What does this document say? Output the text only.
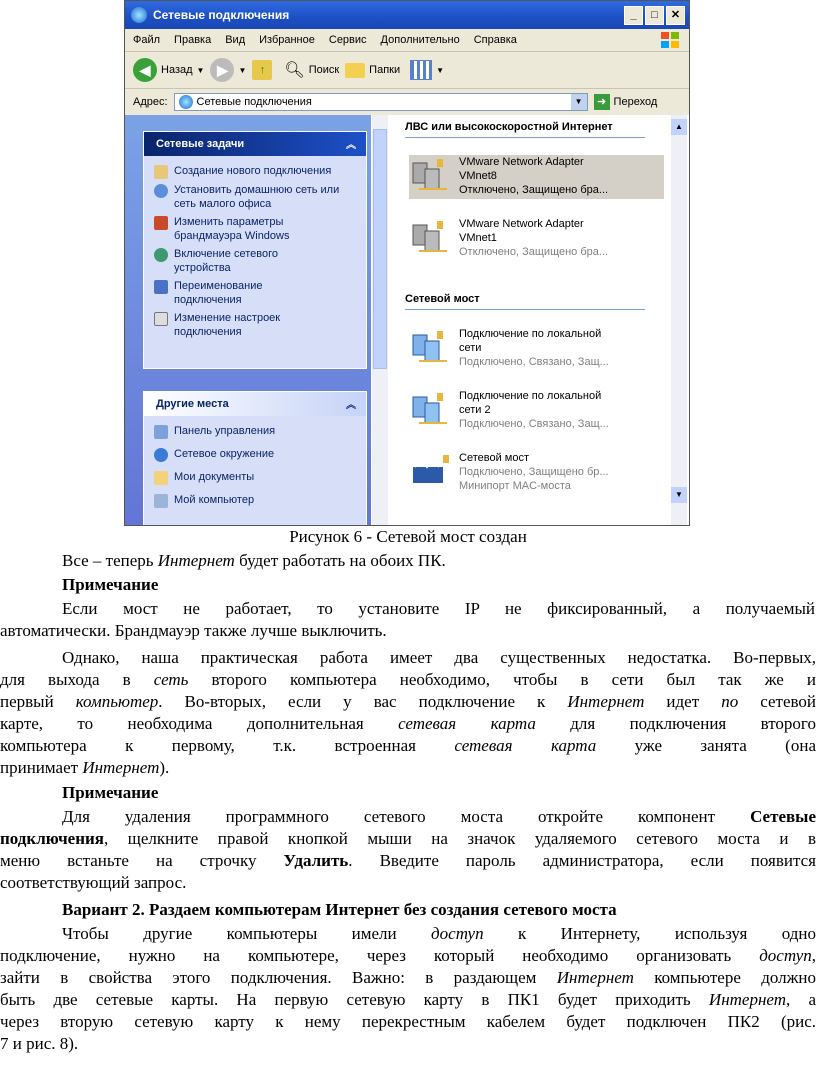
Сетевые подключения	_	□	✕
Файл Правка Вид Избранное Сервис Дополнительно Справка
◀ Назад ▼ ▶	▼	↑	🔍︎ Поиск	Папки	▼
Адрес:	Сетевые подключения	▼	➜ Переход
Сетевые задачи	︽
Создание нового подключения
Установить домашнюю сеть или сеть малого офиса
Изменить параметры брандмауэра Windows
Включение сетевого устройства
Переименование подключения
Изменение настроек подключения
Другие места	︽
Панель управления
Сетевое окружение
Мои документы
Мой компьютер
ЛВС или высокоскоростной Интернет
VMware Network Adapter
VMnet8
Отключено, Защищено бра...
VMware Network Adapter
VMnet1
Отключено, Защищено бра...
Сетевой мост
Подключение по локальной
сети
Подключено, Связано, Защ...
Подключение по локальной
сети 2
Подключено, Связано, Защ...
Сетевой мост
Подключено, Защищено бр...
Минипорт MAC-моста
▲
▼
Рисунок 6 - Сетевой мост создан
Все – теперь Интернет будет работать на обоих ПК.
Примечание
Если мост не работает, то установите IP не фиксированный, а получаемый
автоматически. Брандмауэр также лучше выключить.
Однако, наша практическая работа имеет два существенных недостатка. Во-первых,
для выхода в сеть второго компьютера необходимо, чтобы в сети был так же и
первый компьютер. Во-вторых, если у вас подключение к Интернет идет по сетевой
карте, то необходима дополнительная сетевая карта для подключения второго
компьютера к первому, т.к. встроенная сетевая карта уже занята (она
принимает Интернет).
Примечание
Для удаления программного сетевого моста откройте компонент Сетевые
подключения, щелкните правой кнопкой мыши на значок удаляемого сетевого моста и в
меню встаньте на строчку Удалить. Введите пароль администратора, если появится
соответствующий запрос.
Вариант 2. Раздаем компьютерам Интернет без создания сетевого моста
Чтобы другие компьютеры имели доступ к Интернету, используя одно
подключение, нужно на компьютере, через который необходимо организовать доступ,
зайти в свойства этого подключения. Важно: в раздающем Интернет компьютере должно
быть две сетевые карты. На первую сетевую карту в ПК1 будет приходить Интернет, а
через вторую сетевую карту к нему перекрестным кабелем будет подключен ПК2 (рис.
7 и рис. 8).
